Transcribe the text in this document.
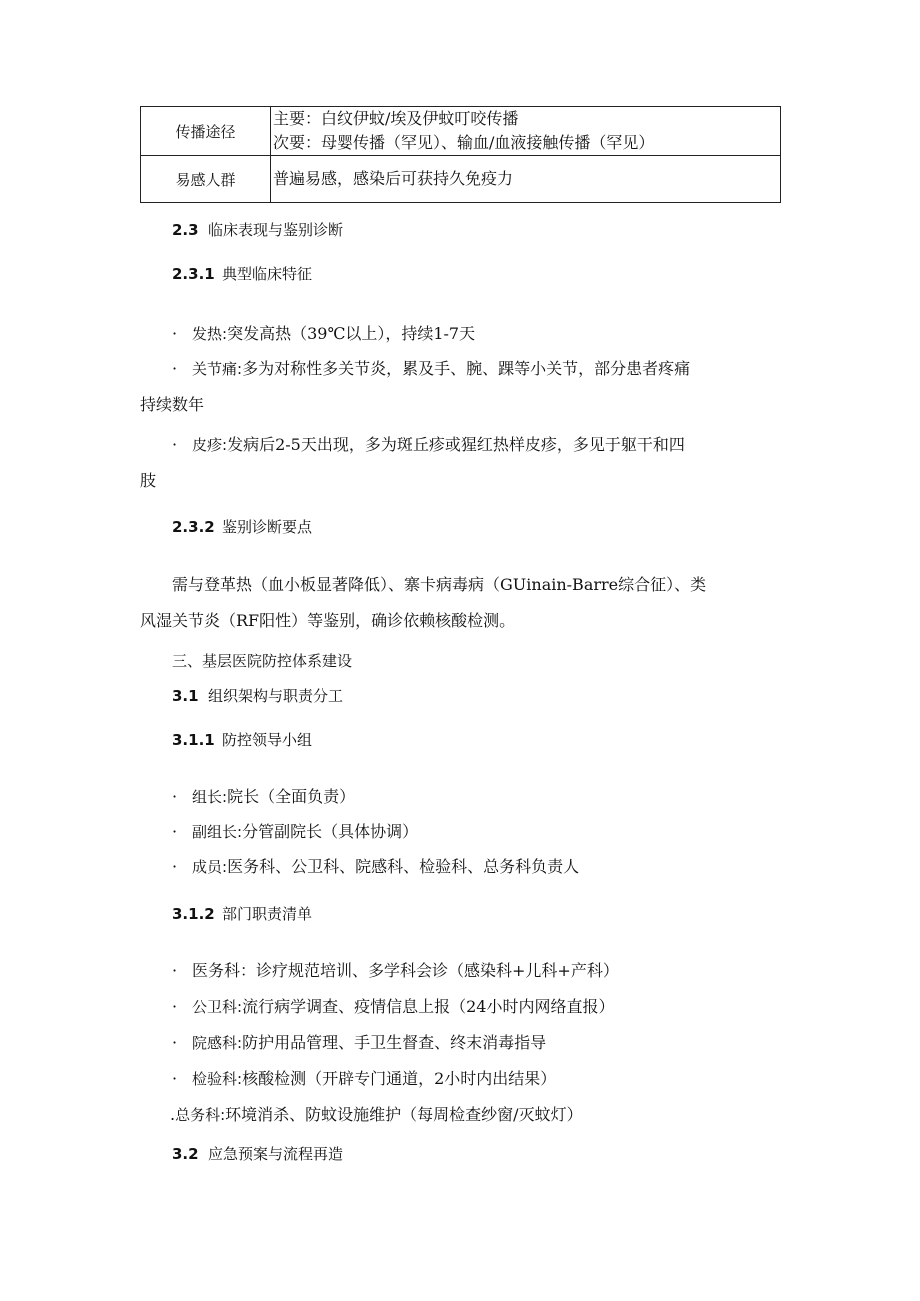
传播途径	主要：白纹伊蚊/埃及伊蚊叮咬传播
次要：母婴传播（罕见）、输血/血液接触传播（罕见）

易感人群	普遍易感，感染后可获持久免疫力
2.3 临床表现与鉴别诊断
2.3.1 典型临床特征
· 发热:突发高热（39℃以上），持续1-7天
· 关节痛:多为对称性多关节炎，累及手、腕、踝等小关节，部分患者疼痛
持续数年
· 皮疹:发病后2-5天出现，多为斑丘疹或猩红热样皮疹，多见于躯干和四
肢
2.3.2 鉴别诊断要点
需与登革热（血小板显著降低）、寨卡病毒病（GUinain-Barre综合征）、类
风湿关节炎（RF阳性）等鉴别，确诊依赖核酸检测。
三、基层医院防控体系建设
3.1 组织架构与职责分工
3.1.1 防控领导小组
· 组长:院长（全面负责）
· 副组长:分管副院长（具体协调）
· 成员:医务科、公卫科、院感科、检验科、总务科负责人
3.1.2 部门职责清单
· 医务科：诊疗规范培训、多学科会诊（感染科+儿科+产科）
· 公卫科:流行病学调查、疫情信息上报（24小时内网络直报）
· 院感科:防护用品管理、手卫生督查、终末消毒指导
· 检验科:核酸检测（开辟专门通道，2小时内出结果）
.总务科:环境消杀、防蚊设施维护（每周检查纱窗/灭蚊灯）
3.2 应急预案与流程再造
